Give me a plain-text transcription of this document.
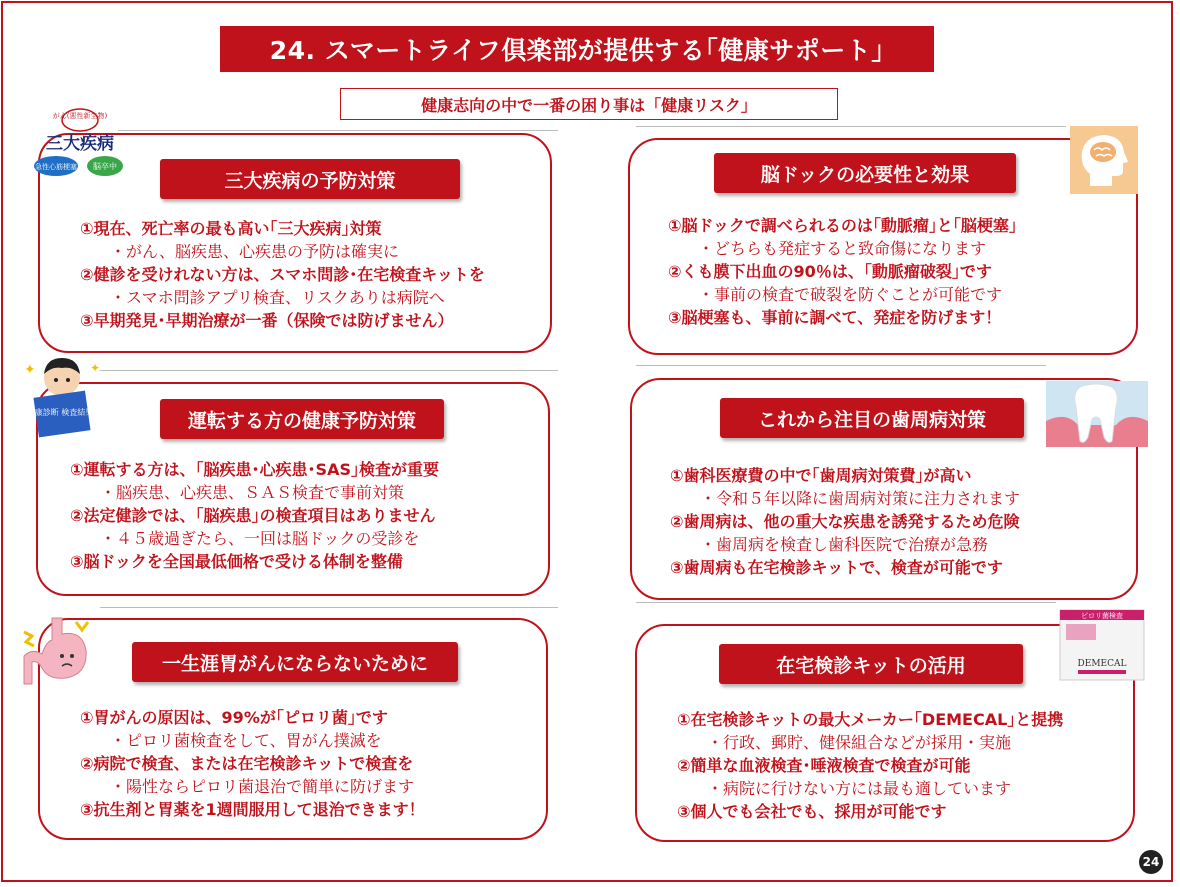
24. スマートライフ倶楽部が提供する｢健康サポート｣
健康志向の中で一番の困り事は「健康リスク」
三大疾病の予防対策
①現在、死亡率の最も高い｢三大疾病｣対策
・がん、脳疾患、心疾患の予防は確実に
②健診を受けれない方は、スマホ問診･在宅検査キットを
・スマホ問診アプリ検査、リスクありは病院へ
③早期発見･早期治療が一番（保険では防げません）
脳ドックの必要性と効果
①脳ドックで調べられるのは｢動脈瘤｣と｢脳梗塞｣
・どちらも発症すると致命傷になります
②くも膜下出血の90％は、｢動脈瘤破裂｣です
・事前の検査で破裂を防ぐことが可能です
③脳梗塞も、事前に調べて、発症を防げます！
運転する方の健康予防対策
①運転する方は、｢脳疾患･心疾患･SAS｣検査が重要
・脳疾患、心疾患、ＳＡＳ検査で事前対策
②法定健診では、｢脳疾患｣の検査項目はありません
・４５歳過ぎたら、一回は脳ドックの受診を
③脳ドックを全国最低価格で受ける体制を整備
これから注目の歯周病対策
①歯科医療費の中で｢歯周病対策費｣が高い
・令和５年以降に歯周病対策に注力されます
②歯周病は、他の重大な疾患を誘発するため危険
・歯周病を検査し歯科医院で治療が急務
③歯周病も在宅検診キットで、検査が可能です
一生涯胃がんにならないために
①胃がんの原因は、99%が｢ピロリ菌｣です
・ピロリ菌検査をして、胃がん撲滅を
②病院で検査、または在宅検診キットで検査を
・陽性ならピロリ菌退治で簡単に防げます
③抗生剤と胃薬を1週間服用して退治できます！
在宅検診キットの活用
①在宅検診キットの最大メーカー｢DEMECAL｣と提携
・行政、郵貯、健保組合などが採用・実施
②簡単な血液検査･唾液検査で検査が可能
・病院に行けない方には最も適しています
③個人でも会社でも、採用が可能です
がん(悪性新生物)
三大疾病
急性心筋梗塞 脳卒中
健康診断 検査結果
✦	✦
ピロリ菌検査
DEMECAL
24
